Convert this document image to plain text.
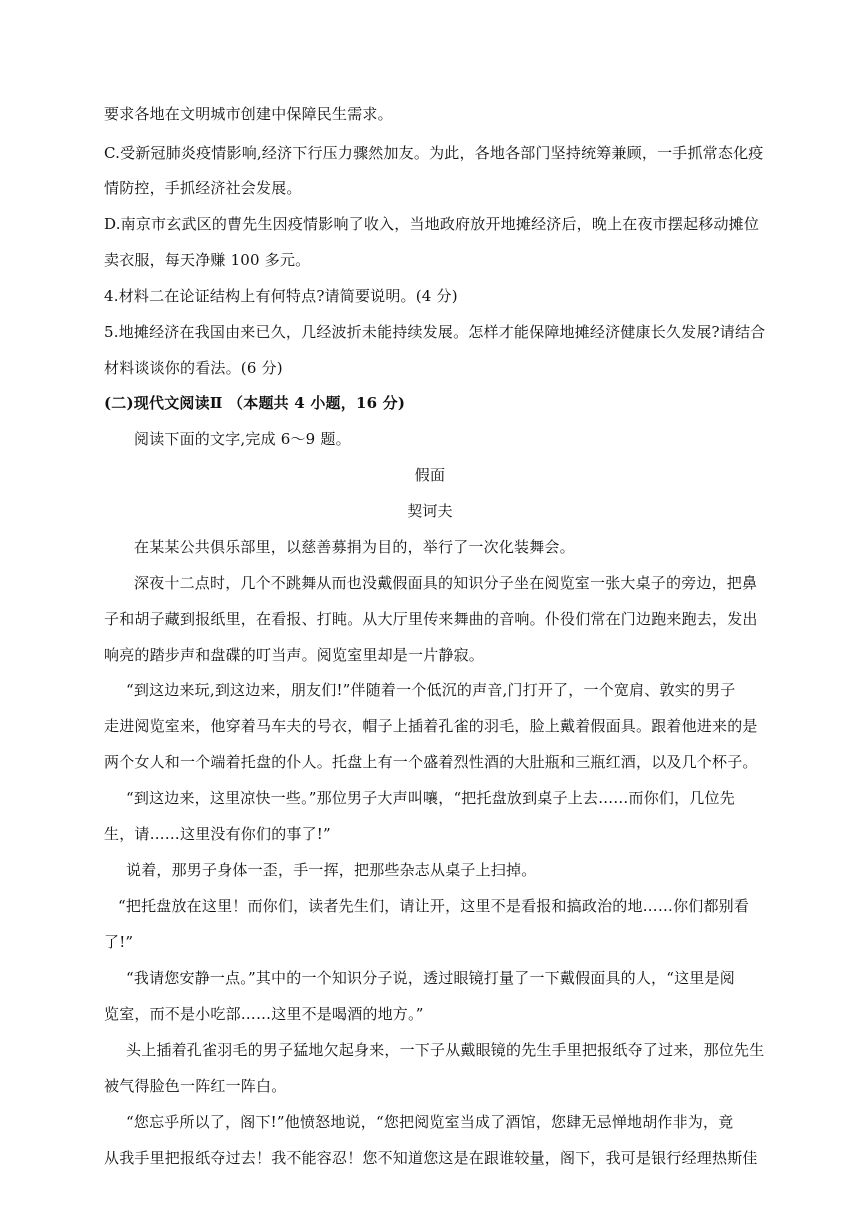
要求各地在文明城市创建中保障民生需求。
C.受新冠肺炎疫情影响,经济下行压力骤然加友。为此，各地各部门坚持统筹兼顾，一手抓常态化疫
情防控，手抓经济社会发展。
D.南京市玄武区的曹先生因疫情影响了收入，当地政府放开地摊经济后，晚上在夜市摆起移动摊位
卖衣服，每天净赚 100 多元。
4.材料二在论证结构上有何特点?请简要说明。(4 分)
5.地摊经济在我国由来已久，几经波折未能持续发展。怎样才能保障地摊经济健康长久发展?请结合
材料谈谈你的看法。(6 分)
(二)现代文阅读Ⅱ （本题共 4 小题，16 分)
阅读下面的文字,完成 6～9 题。
假面
契诃夫
在某某公共俱乐部里，以慈善募捐为目的，举行了一次化装舞会。
深夜十二点时，几个不跳舞从而也没戴假面具的知识分子坐在阅览室一张大桌子的旁边，把鼻
子和胡子藏到报纸里，在看报、打盹。从大厅里传来舞曲的音响。仆役们常在门边跑来跑去，发出
响亮的踏步声和盘碟的叮当声。阅览室里却是一片静寂。
“到这边来玩,到这边来，朋友们!”伴随着一个低沉的声音,门打开了，一个宽肩、敦实的男子
走进阅览室来，他穿着马车夫的号衣，帽子上插着孔雀的羽毛，脸上戴着假面具。跟着他进来的是
两个女人和一个端着托盘的仆人。托盘上有一个盛着烈性酒的大肚瓶和三瓶红酒，以及几个杯子。
“到这边来，这里凉快一些。”那位男子大声叫嚷，“把托盘放到桌子上去……而你们，几位先
生，请……这里没有你们的事了!”
说着，那男子身体一歪，手一挥，把那些杂志从桌子上扫掉。
“把托盘放在这里！而你们，读者先生们，请让开，这里不是看报和搞政治的地……你们都别看
了!”
“我请您安静一点。”其中的一个知识分子说，透过眼镜打量了一下戴假面具的人，“这里是阅
览室，而不是小吃部……这里不是喝酒的地方。”
头上插着孔雀羽毛的男子猛地欠起身来，一下子从戴眼镜的先生手里把报纸夺了过来，那位先生
被气得脸色一阵红一阵白。
“您忘乎所以了，阁下!”他愤怒地说，“您把阅览室当成了酒馆，您肆无忌惮地胡作非为，竟
从我手里把报纸夺过去！我不能容忍！您不知道您这是在跟谁较量，阁下，我可是银行经理热斯佳
